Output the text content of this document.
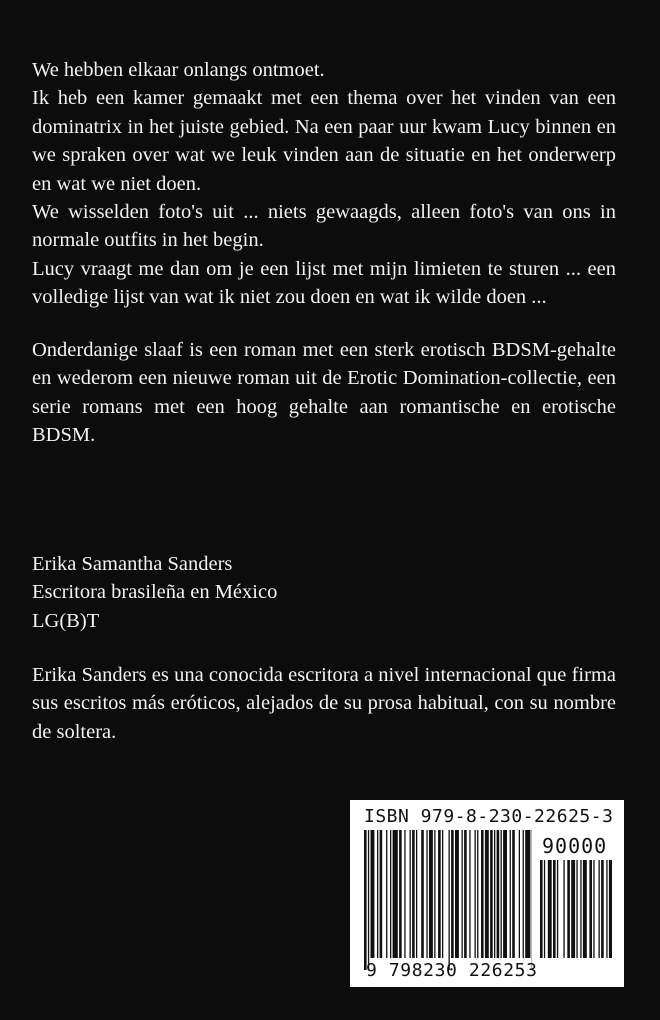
We hebben elkaar onlangs ontmoet.

Ik heb een kamer gemaakt met een thema over het vinden van een dominatrix in het juiste gebied. Na een paar uur kwam Lucy binnen en we spraken over wat we leuk vinden aan de situatie en het onderwerp en wat we niet doen.

We wisselden foto's uit ... niets gewaagds, alleen foto's van ons in normale outfits in het begin.

Lucy vraagt me dan om je een lijst met mijn limieten te sturen ... een volledige lijst van wat ik niet zou doen en wat ik wilde doen ...

Onderdanige slaaf is een roman met een sterk erotisch BDSM-gehalte en wederom een nieuwe roman uit de Erotic Domination-collectie, een serie romans met een hoog gehalte aan romantische en erotische BDSM.

Erika Samantha Sanders

Escritora brasileña en México

LG(B)T

Erika Sanders es una conocida escritora a nivel internacional que firma sus escritos más eróticos, alejados de su prosa habitual, con su nombre de soltera.

ISBN 979-8-230-22625-3
90000
9 798230 226253
